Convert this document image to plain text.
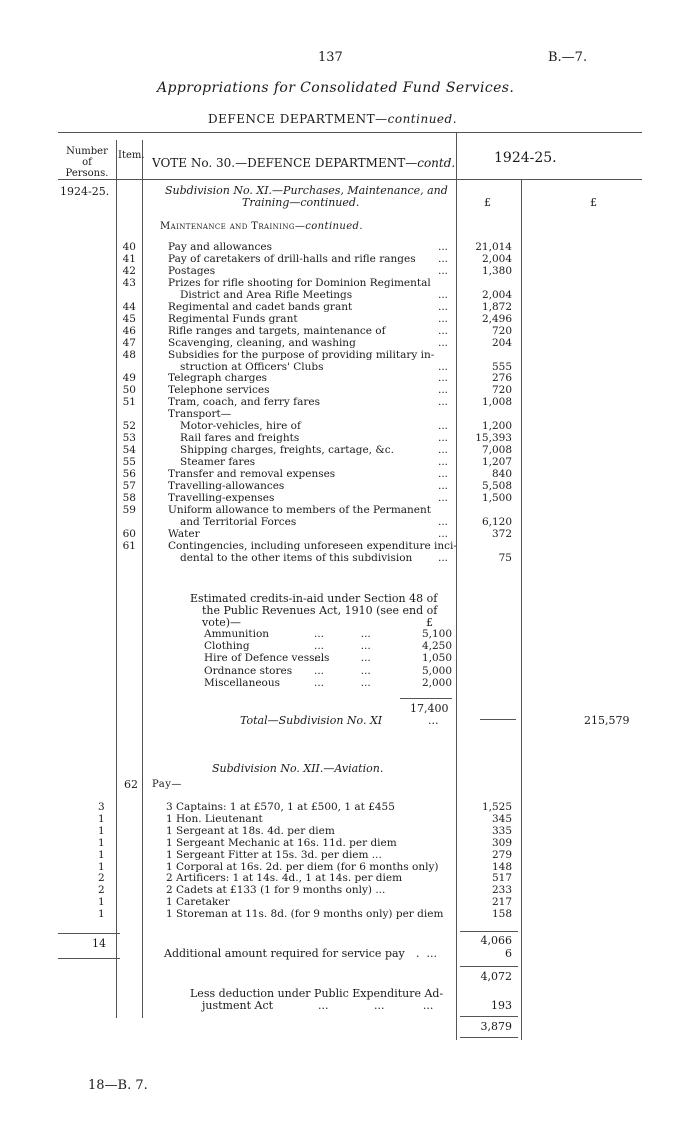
137	B.—7.
Appropriations for Consolidated Fund Services.
DEFENCE DEPARTMENT—continued.
Number of Persons.
Item.
VOTE No. 30.—DEFENCE DEPARTMENT—contd.	1924-25.
1924-25.
£	£
Subdivision No. XI.—Purchases, Maintenance, and
Training—continued.
Maintenance and Training—continued.
40	Pay and allowances	...	21,014
41	Pay of caretakers of drill-halls and rifle ranges ...	2,004
42	Postages	...	1,380
43	Prizes for rifle shooting for Dominion Regimental
District and Area Rifle Meetings	...	2,004
44	Regimental and cadet bands grant	...	1,872
45	Regimental Funds grant	...	2,496
46	Rifle ranges and targets, maintenance of	...	720
47	Scavenging, cleaning, and washing	...	204
48	Subsidies for the purpose of providing military in-
struction at Officers' Clubs	...	555
49	Telegraph charges	...	276
50	Telephone services	...	720
51	Tram, coach, and ferry fares	...	1,008
Transport—
52	Motor-vehicles, hire of	...	1,200
53	Rail fares and freights	...	15,393
54	Shipping charges, freights, cartage, &c.	...	7,008
55	Steamer fares	...	1,207
56	Transfer and removal expenses	...	840
57	Travelling-allowances	...	5,508
58	Travelling-expenses	...	1,500
59	Uniform allowance to members of the Permanent
and Territorial Forces	...	6,120
60	Water	...	372
61	Contingencies, including unforeseen expenditure inci-
dental to the other items of this subdivision ...	75
Estimated credits-in-aid under Section 48 of
the Public Revenues Act, 1910 (see end of
vote)—	£
Ammunition	...           ...	5,100
Clothing	...           ...	4,250
Hire of Defence vessels
...           ...	1,050
Ordnance stores ...           ...	5,000
Miscellaneous	...           ...	2,000
17,400
Total—Subdivision No. XI	...	215,579
Subdivision No. XII.—Aviation.
62	Pay—
3	3 Captains: 1 at £570, 1 at £500, 1 at £455	1,525
1	1 Hon. Lieutenant	345
1	1 Sergeant at 18s. 4d. per diem	335
1	1 Sergeant Mechanic at 16s. 11d. per diem	309
1	1 Sergeant Fitter at 15s. 3d. per diem ...	279
1	1 Corporal at 16s. 2d. per diem (for 6 months only)	148
2	2 Artificers: 1 at 14s. 4d., 1 at 14s. per diem	517
2	2 Cadets at £133 (1 for 9 months only) ...	233
1	1 Caretaker	217
1	1 Storeman at 11s. 8d. (for 9 months only) per diem	158
14	4,066
Additional amount required for service pay .  ...	6
4,072
Less deduction under Public Expenditure Ad-
justment Act	...             ...           ...	193
3,879
18—B. 7.
